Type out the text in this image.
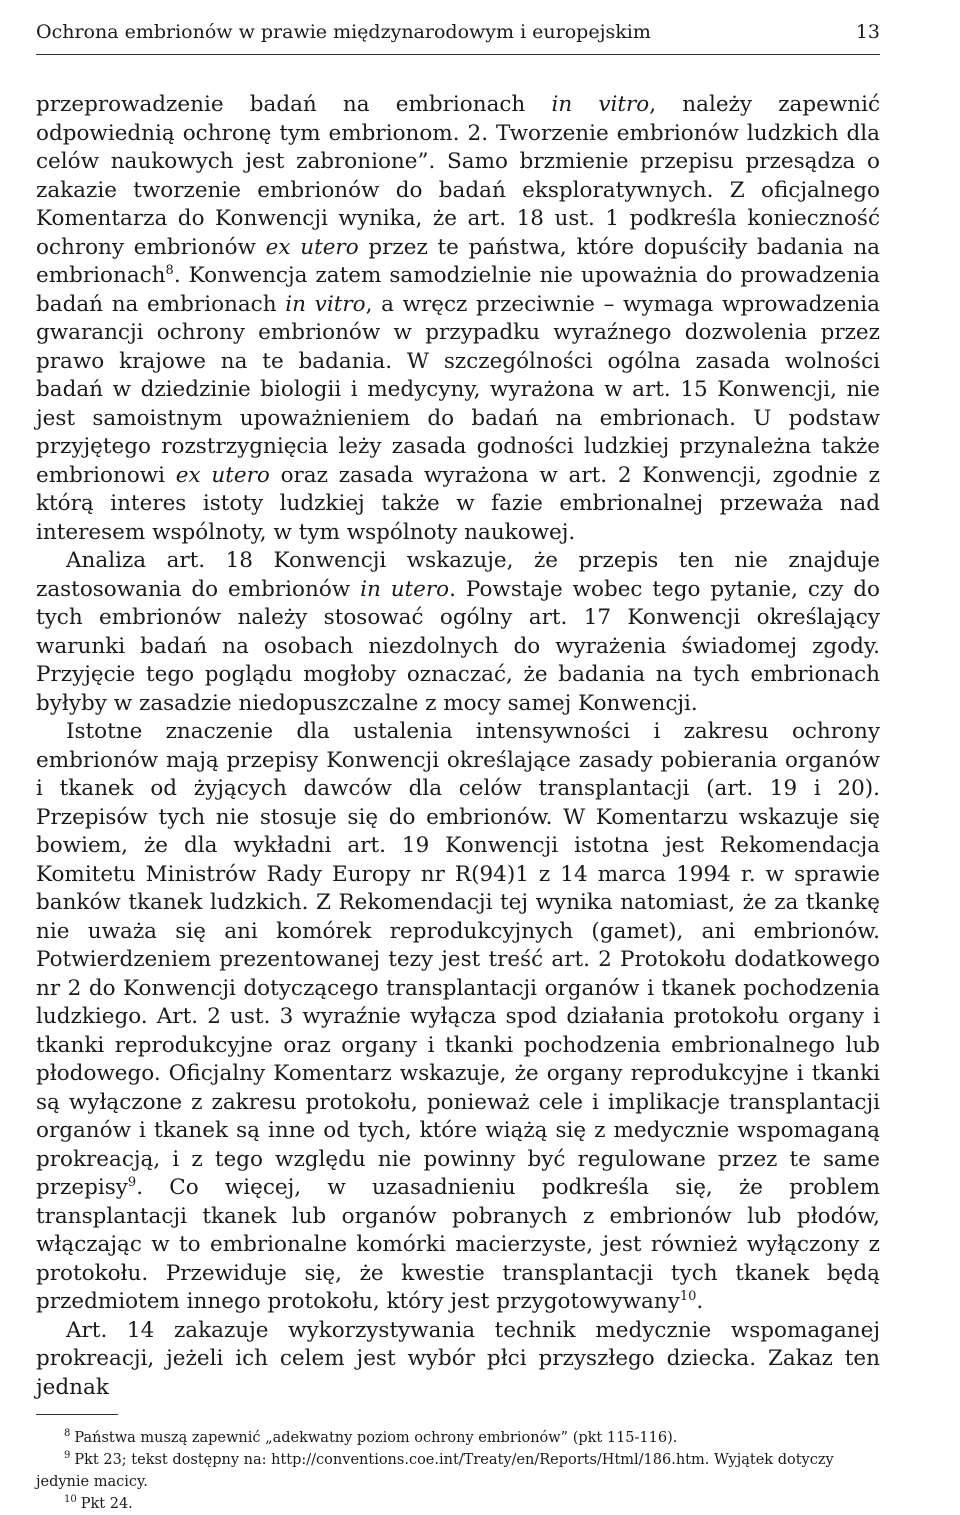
Ochrona embrionów w prawie międzynarodowym i europejskim	13

przeprowadzenie badań na embrionach in vitro, należy zapewnić odpowiednią ochronę tym embrionom. 2. Tworzenie embrionów ludzkich dla celów naukowych jest zabronione”. Samo brzmienie przepisu przesądza o zakazie tworzenie embrionów do badań eksploratywnych. Z oficjalnego Komentarza do Konwencji wynika, że art. 18 ust. 1 podkreśla konieczność ochrony embrionów ex utero przez te państwa, które dopuściły badania na embrionach$^8$. Konwencja zatem samodzielnie nie upoważnia do prowadzenia badań na embrionach in vitro, a wręcz przeciwnie – wymaga wprowadzenia gwarancji ochrony embrionów w przypadku wyraźnego dozwolenia przez prawo krajowe na te badania. W szczególności ogólna zasada wolności badań w dziedzinie biologii i medycyny, wyrażona w art. 15 Konwencji, nie jest samoistnym upoważnieniem do badań na embrionach. U podstaw przyjętego rozstrzygnięcia leży zasada godności ludzkiej przynależna także embrionowi ex utero oraz zasada wyrażona w art. 2 Konwencji, zgodnie z którą interes istoty ludzkiej także w fazie embrionalnej przeważa nad interesem wspólnoty, w tym wspólnoty naukowej.

Analiza art. 18 Konwencji wskazuje, że przepis ten nie znajduje zastosowania do embrionów in utero. Powstaje wobec tego pytanie, czy do tych embrionów należy stosować ogólny art. 17 Konwencji określający warunki badań na osobach niezdolnych do wyrażenia świadomej zgody. Przyjęcie tego poglądu mogłoby oznaczać, że badania na tych embrionach byłyby w zasadzie niedopuszczalne z mocy samej Konwencji.

Istotne znaczenie dla ustalenia intensywności i zakresu ochrony embrionów mają przepisy Konwencji określające zasady pobierania organów i tkanek od żyjących dawców dla celów transplantacji (art. 19 i 20). Przepisów tych nie stosuje się do embrionów. W Komentarzu wskazuje się bowiem, że dla wykładni art. 19 Konwencji istotna jest Rekomendacja Komitetu Ministrów Rady Europy nr R(94)1 z 14 marca 1994 r. w sprawie banków tkanek ludzkich. Z Rekomendacji tej wynika natomiast, że za tkankę nie uważa się ani komórek reprodukcyjnych (gamet), ani embrionów. Potwierdzeniem prezentowanej tezy jest treść art. 2 Protokołu dodatkowego nr 2 do Konwencji dotyczącego transplantacji organów i tkanek pochodzenia ludzkiego. Art. 2 ust. 3 wyraźnie wyłącza spod działania protokołu organy i tkanki reprodukcyjne oraz organy i tkanki pochodzenia embrionalnego lub płodowego. Oficjalny Komentarz wskazuje, że organy reprodukcyjne i tkanki są wyłączone z zakresu protokołu, ponieważ cele i implikacje transplantacji organów i tkanek są inne od tych, które wiążą się z medycznie wspomaganą prokreacją, i z tego względu nie powinny być regulowane przez te same przepisy$^9$. Co więcej, w uzasadnieniu podkreśla się, że problem transplantacji tkanek lub organów pobranych z embrionów lub płodów, włączając w to embrionalne komórki macierzyste, jest również wyłączony z protokołu. Przewiduje się, że kwestie transplantacji tych tkanek będą przedmiotem innego protokołu, który jest przygotowywany$^{10}$.

Art. 14 zakazuje wykorzystywania technik medycznie wspomaganej prokreacji, jeżeli ich celem jest wybór płci przyszłego dziecka. Zakaz ten jednak

$^8$ Państwa muszą zapewnić „adekwatny poziom ochrony embrionów” (pkt 115-116).

$^9$ Pkt 23; tekst dostępny na: http://conventions.coe.int/Treaty/en/Reports/Html/186.htm. Wyjątek dotyczy jedynie macicy.

$^{10}$ Pkt 24.
